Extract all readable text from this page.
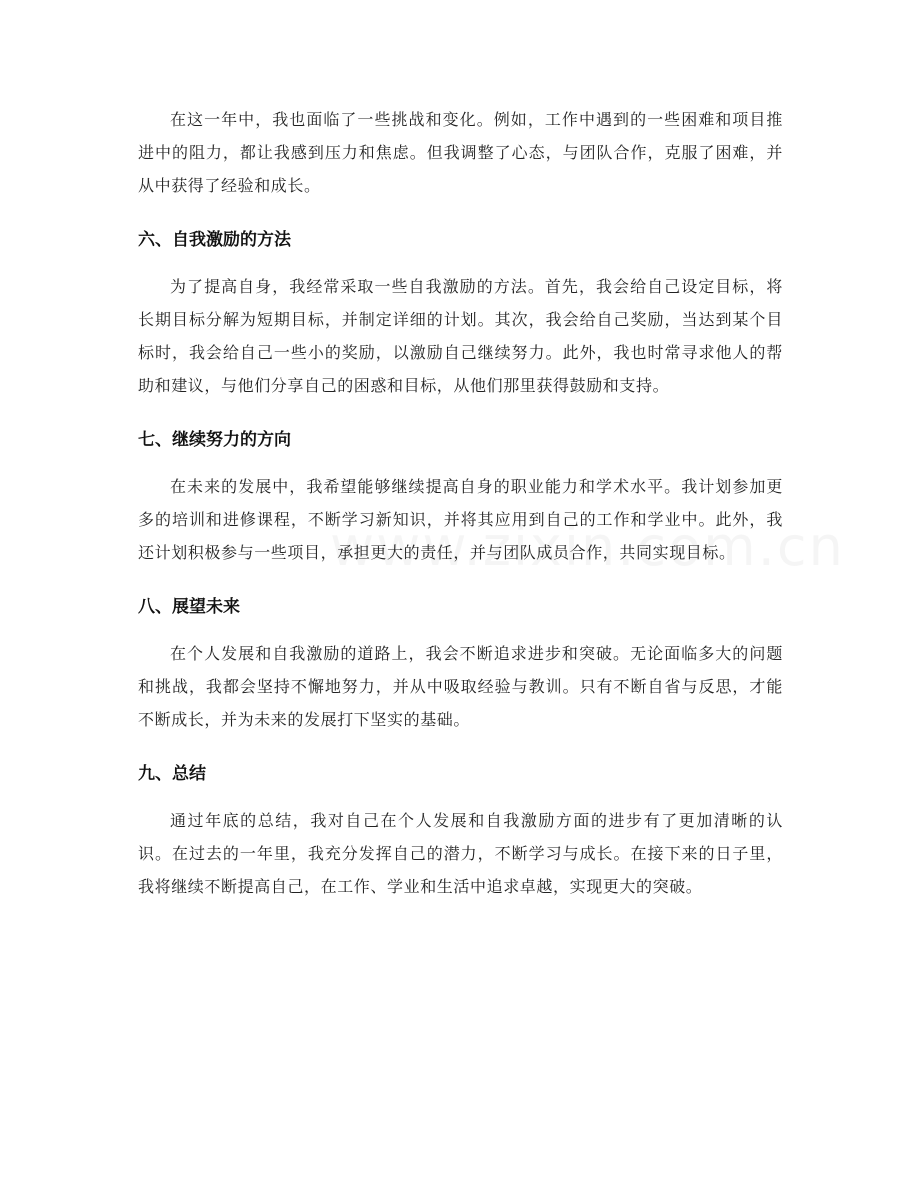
在这一年中，我也面临了一些挑战和变化。例如，工作中遇到的一些困难和项目推进中的阻力，都让我感到压力和焦虑。但我调整了心态，与团队合作，克服了困难，并从中获得了经验和成长。

六、自我激励的方法

为了提高自身，我经常采取一些自我激励的方法。首先，我会给自己设定目标，将长期目标分解为短期目标，并制定详细的计划。其次，我会给自己奖励，当达到某个目标时，我会给自己一些小的奖励，以激励自己继续努力。此外，我也时常寻求他人的帮助和建议，与他们分享自己的困惑和目标，从他们那里获得鼓励和支持。

七、继续努力的方向

在未来的发展中，我希望能够继续提高自身的职业能力和学术水平。我计划参加更多的培训和进修课程，不断学习新知识，并将其应用到自己的工作和学业中。此外，我还计划积极参与一些项目，承担更大的责任，并与团队成员合作，共同实现目标。

八、展望未来

在个人发展和自我激励的道路上，我会不断追求进步和突破。无论面临多大的问题和挑战，我都会坚持不懈地努力，并从中吸取经验与教训。只有不断自省与反思，才能不断成长，并为未来的发展打下坚实的基础。

九、总结

通过年底的总结，我对自己在个人发展和自我激励方面的进步有了更加清晰的认识。在过去的一年里，我充分发挥自己的潜力，不断学习与成长。在接下来的日子里，我将继续不断提高自己，在工作、学业和生活中追求卓越，实现更大的突破。
